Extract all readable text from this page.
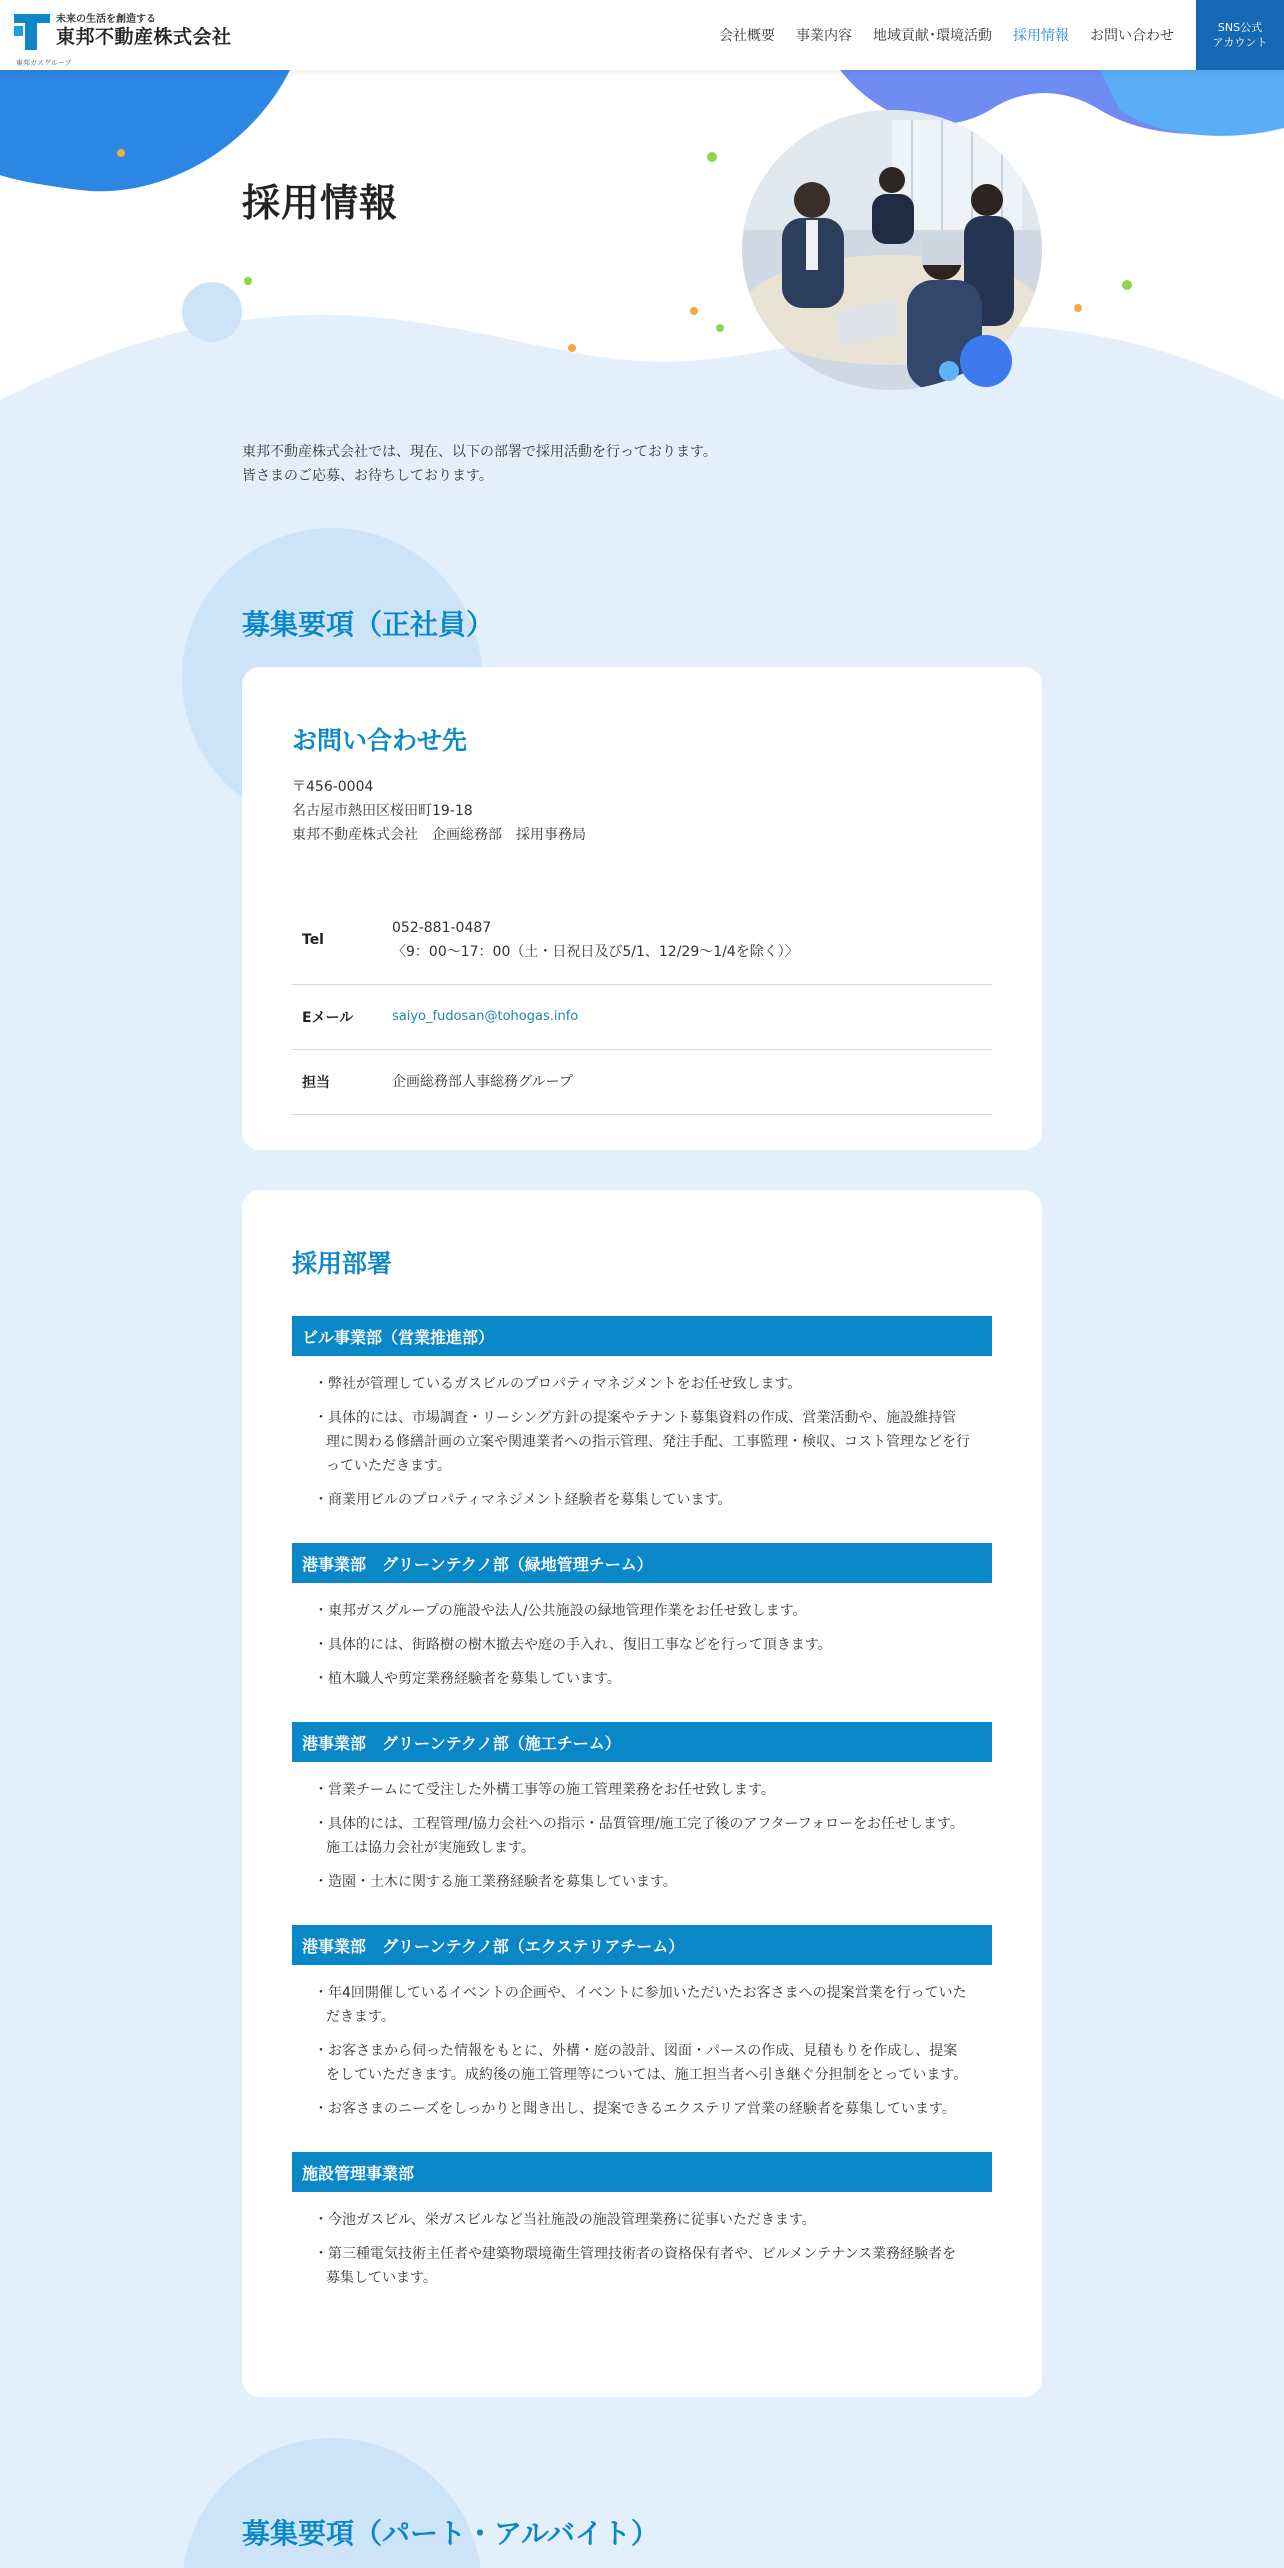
未来の生活を創造する
東邦不動産株式会社
東邦ガスグループ
会社概要 事業内容 地域貢献･環境活動 採用情報 お問い合わせ
SNS公式
アカウント
採用情報
東邦不動産株式会社では、現在、以下の部署で採用活動を行っております。
皆さまのご応募、お待ちしております。
募集要項（正社員）
お問い合わせ先
〒456-0004
名古屋市熱田区桜田町19-18
東邦不動産株式会社　企画総務部　採用事務局
Tel
052-881-0487
〈9：00〜17：00（土・日祝日及び5/1、12/29〜1/4を除く）〉
Eメール	saiyo_fudosan@tohogas.info
担当	企画総務部人事総務グループ
採用部署
ビル事業部（営業推進部）
・弊社が管理しているガスビルのプロパティマネジメントをお任せ致します。
・具体的には、市場調査・リーシング方針の提案やテナント募集資料の作成、営業活動や、施設維持管理に関わる修繕計画の立案や関連業者への指示管理、発注手配、工事監理・検収、コスト管理などを行っていただきます。
・商業用ビルのプロパティマネジメント経験者を募集しています。
港事業部　グリーンテクノ部（緑地管理チーム）
・東邦ガスグループの施設や法人/公共施設の緑地管理作業をお任せ致します。
・具体的には、街路樹の樹木撤去や庭の手入れ、復旧工事などを行って頂きます。
・植木職人や剪定業務経験者を募集しています。
港事業部　グリーンテクノ部（施工チーム）
・営業チームにて受注した外構工事等の施工管理業務をお任せ致します。
・具体的には、工程管理/協力会社への指示・品質管理/施工完了後のアフターフォローをお任せします。施工は協力会社が実施致します。
・造園・土木に関する施工業務経験者を募集しています。
港事業部　グリーンテクノ部（エクステリアチーム）
・年4回開催しているイベントの企画や、イベントに参加いただいたお客さまへの提案営業を行っていただきます。
・お客さまから伺った情報をもとに、外構・庭の設計、図面・パースの作成、見積もりを作成し、提案をしていただきます。成約後の施工管理等については、施工担当者へ引き継ぐ分担制をとっています。
・お客さまのニーズをしっかりと聞き出し、提案できるエクステリア営業の経験者を募集しています。
施設管理事業部
・今池ガスビル、栄ガスビルなど当社施設の施設管理業務に従事いただきます。
・第三種電気技術主任者や建築物環境衛生管理技術者の資格保有者や、ビルメンテナンス業務経験者を募集しています。
募集要項（パート・アルバイト）
